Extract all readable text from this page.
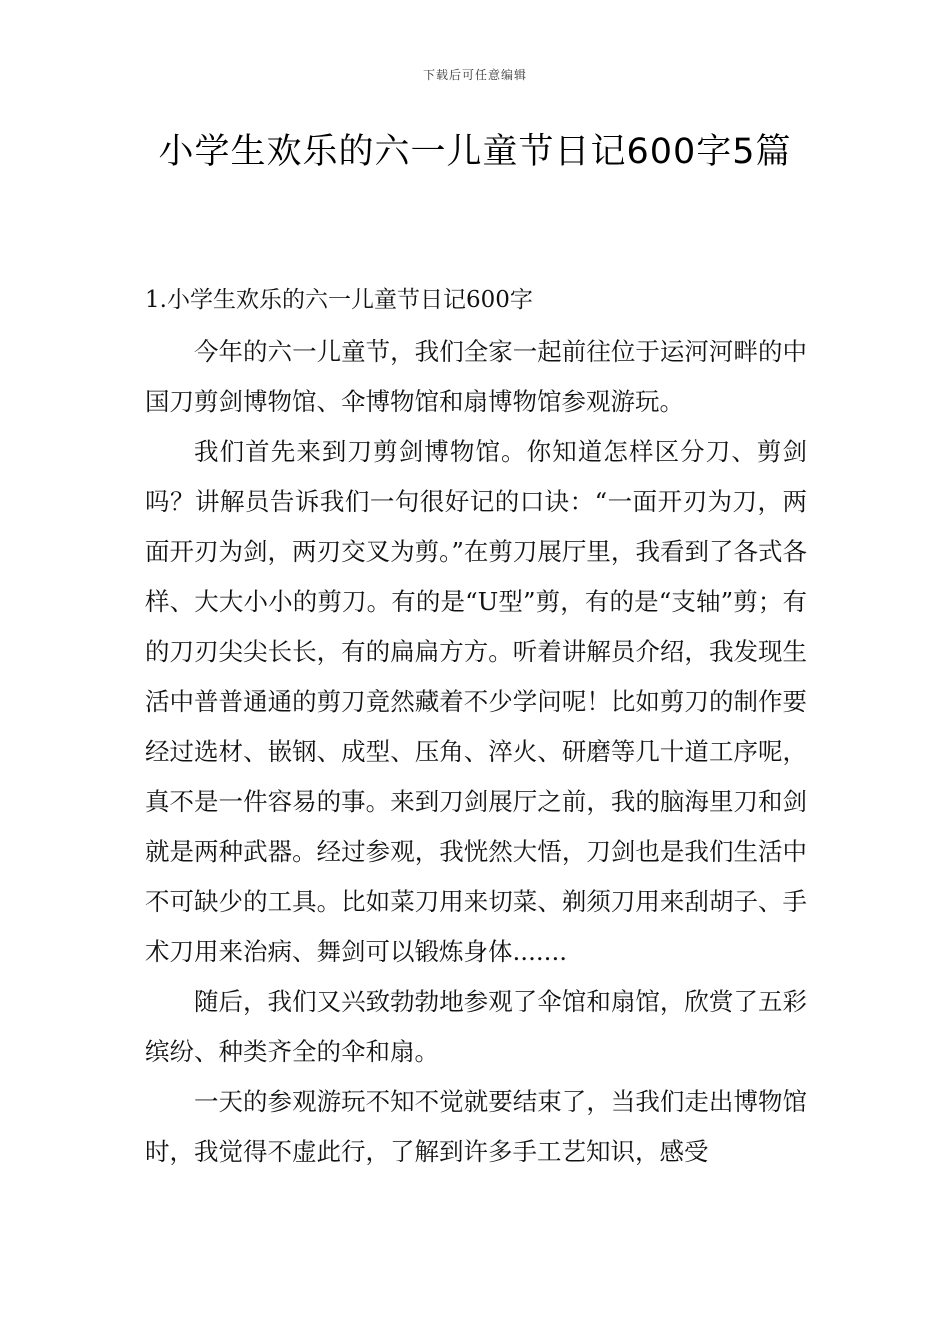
下载后可任意编辑
小学生欢乐的六一儿童节日记600字5篇
1.小学生欢乐的六一儿童节日记600字

今年的六一儿童节，我们全家一起前往位于运河河畔的中国刀剪剑博物馆、伞博物馆和扇博物馆参观游玩。

我们首先来到刀剪剑博物馆。你知道怎样区分刀、剪剑吗？讲解员告诉我们一句很好记的口诀：“一面开刃为刀，两面开刃为剑，两刃交叉为剪。”在剪刀展厅里，我看到了各式各样、大大小小的剪刀。有的是“U型”剪，有的是“支轴”剪；有的刀刃尖尖长长，有的扁扁方方。听着讲解员介绍，我发现生活中普普通通的剪刀竟然藏着不少学问呢！比如剪刀的制作要经过选材、嵌钢、成型、压角、淬火、研磨等几十道工序呢，真不是一件容易的事。来到刀剑展厅之前，我的脑海里刀和剑就是两种武器。经过参观，我恍然大悟，刀剑也是我们生活中不可缺少的工具。比如菜刀用来切菜、剃须刀用来刮胡子、手术刀用来治病、舞剑可以锻炼身体.......

随后，我们又兴致勃勃地参观了伞馆和扇馆，欣赏了五彩缤纷、种类齐全的伞和扇。

一天的参观游玩不知不觉就要结束了，当我们走出博物馆时，我觉得不虚此行，了解到许多手工艺知识，感受
